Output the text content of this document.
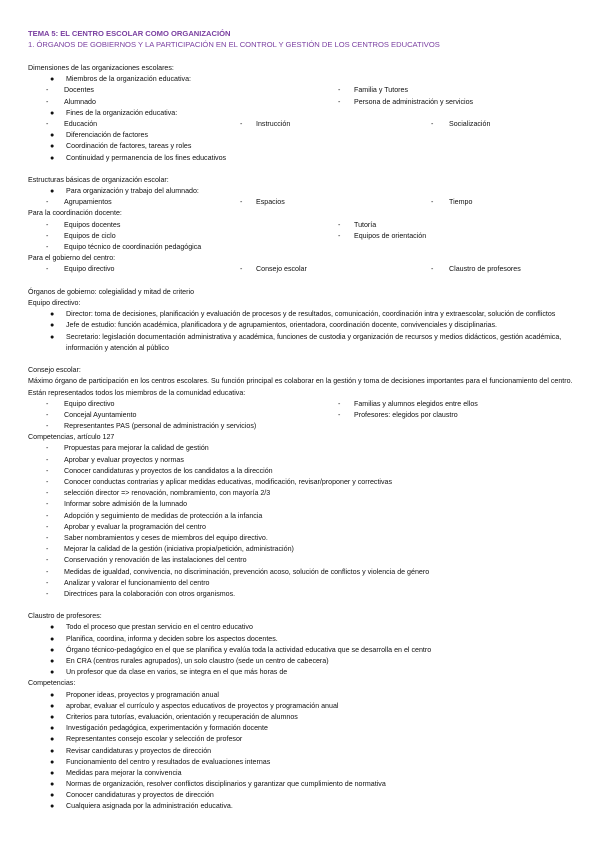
TEMA 5: EL CENTRO ESCOLAR COMO ORGANIZACIÓN
1. ÓRGANOS DE GOBIERNOS Y LA PARTICIPACIÓN EN EL CONTROL Y GESTIÓN DE LOS CENTROS EDUCATIVOS
Dimensiones de las organizaciones escolares:
● Miembros de la organización educativa:
- Docentes	- Familia y Tutores
- Alumnado	- Persona de administración y servicios
● Fines de la organización educativa:
- Educación	- Instrucción	- Socialización
● Diferenciación de factores
● Coordinación de factores, tareas y roles
● Continuidad y permanencia de los fines educativos
Estructuras básicas de organización escolar:
● Para organización y trabajo del alumnado:
- Agrupamientos	- Espacios	- Tiempo
Para la coordinación docente:
- Equipos docentes	- Tutoría
- Equipos de ciclo	- Equipos de orientación
- Equipo técnico de coordinación pedagógica
Para el gobierno del centro:
- Equipo directivo	- Consejo escolar	- Claustro de profesores
Órganos de gobierno: colegialidad y mitad de criterio
Equipo directivo:
● Director: toma de decisiones, planificación y evaluación de procesos y de resultados, comunicación, coordinación intra y extraescolar, solución de conflictos
● Jefe de estudio: función académica, planificadora y de agrupamientos, orientadora, coordinación docente, convivenciales y disciplinarias.
● Secretario: legislación documentación administrativa y académica, funciones de custodia y organización de recursos y medios didácticos, gestión académica, información y atención al público
Consejo escolar:
Máximo órgano de participación en los centros escolares. Su función principal es colaborar en la gestión y toma de decisiones importantes para el funcionamiento del centro. Están representados todos los miembros de la comunidad educativa:
- Equipo directivo	- Familias y alumnos elegidos entre ellos
- Concejal Ayuntamiento	- Profesores: elegidos por claustro
- Representantes PAS (personal de administración y servicios)
Competencias, artículo 127
- Propuestas para mejorar la calidad de gestión
- Aprobar y evaluar proyectos y normas
- Conocer candidaturas y proyectos de los candidatos a la dirección
- Conocer conductas contrarias y aplicar medidas educativas, modificación, revisar/proponer y correctivas
- selección director => renovación, nombramiento, con mayoría 2/3
- Informar sobre admisión de la lumnado
- Adopción y seguimiento de medidas de protección a la infancia
- Aprobar y evaluar la programación del centro
- Saber nombramientos y ceses de miembros del equipo directivo.
- Mejorar la calidad de la gestión (iniciativa propia/petición, administración)
- Conservación y renovación de las instalaciones del centro
- Medidas de igualdad, convivencia, no discriminación, prevención acoso, solución de conflictos y violencia de género
- Analizar y valorar el funcionamiento del centro
- Directrices para la colaboración con otros organismos.
Claustro de profesores:
● Todo el proceso que prestan servicio en el centro educativo
● Planifica, coordina, informa y deciden sobre los aspectos docentes.
● Órgano técnico-pedagógico en el que se planifica y evalúa toda la actividad educativa que se desarrolla en el centro
● En CRA (centros rurales agrupados), un solo claustro (sede un centro de cabecera)
● Un profesor que da clase en varios, se integra en el que más horas de
Competencias:
● Proponer ideas, proyectos y programación anual
● aprobar, evaluar el currículo y aspectos educativos de proyectos y programación anual
● Criterios para tutorías, evaluación, orientación y recuperación de alumnos
● Investigación pedagógica, experimentación y formación docente
● Representantes consejo escolar y selección de profesor
● Revisar candidaturas y proyectos de dirección
● Funcionamiento del centro y resultados de evaluaciones internas
● Medidas para mejorar la convivencia
● Normas de organización, resolver conflictos disciplinarios y garantizar que cumplimiento de normativa
● Conocer candidaturas y proyectos de dirección
● Cualquiera asignada por la administración educativa.
